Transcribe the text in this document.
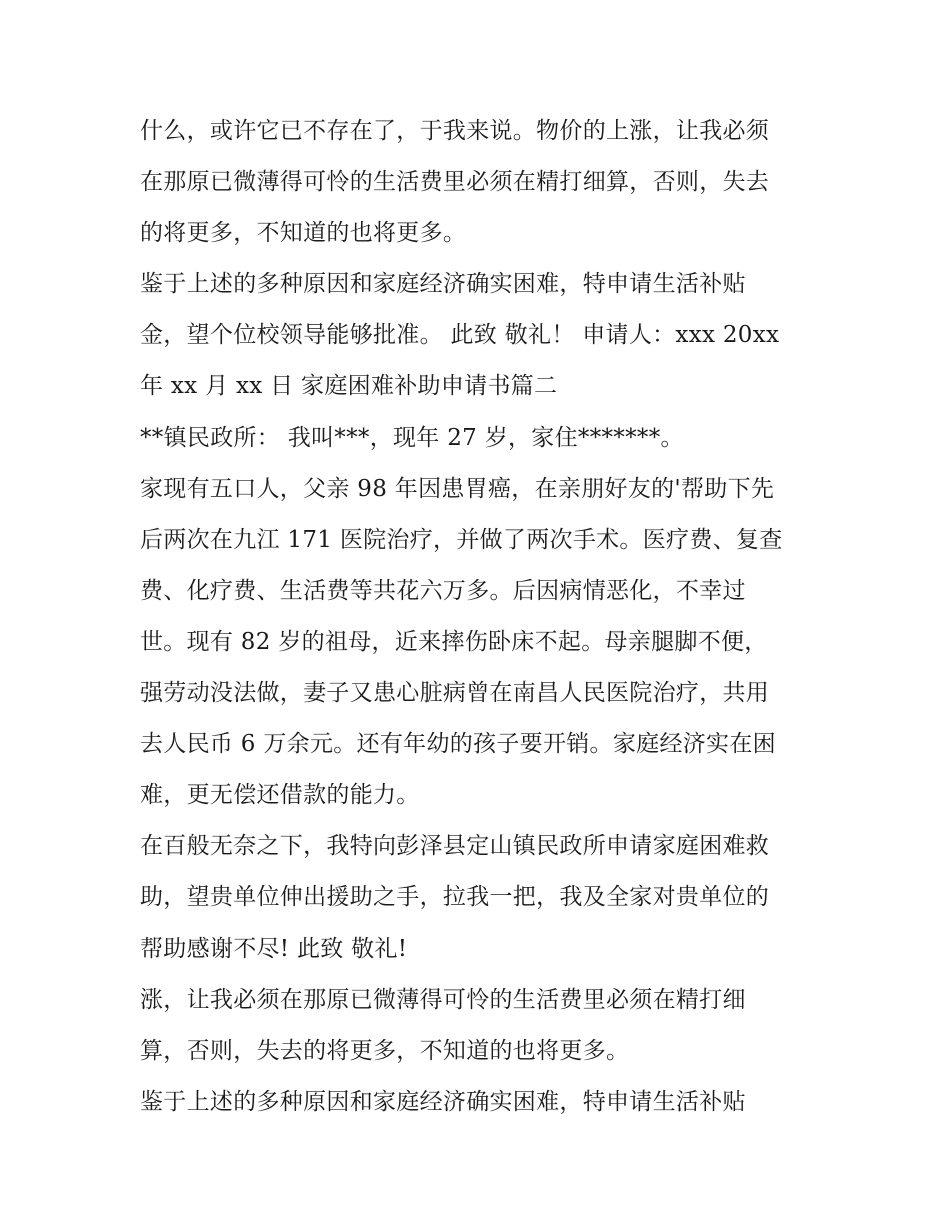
什么，或许它已不存在了，于我来说。物价的上涨，让我必须
在那原已微薄得可怜的生活费里必须在精打细算，否则，失去
的将更多，不知道的也将更多。
鉴于上述的多种原因和家庭经济确实困难，特申请生活补贴
金，望个位校领导能够批准。 此致 敬礼！ 申请人：xxx 20xx
年 xx 月 xx 日 家庭困难补助申请书篇二
**镇民政所： 我叫***，现年 27 岁，家住*******。
家现有五口人，父亲 98 年因患胃癌，在亲朋好友的'帮助下先
后两次在九江 171 医院治疗，并做了两次手术。医疗费、复查
费、化疗费、生活费等共花六万多。后因病情恶化，不幸过
世。现有 82 岁的祖母，近来摔伤卧床不起。母亲腿脚不便，
强劳动没法做，妻子又患心脏病曾在南昌人民医院治疗，共用
去人民币 6 万余元。还有年幼的孩子要开销。家庭经济实在困
难，更无偿还借款的能力。
在百般无奈之下，我特向彭泽县定山镇民政所申请家庭困难救
助，望贵单位伸出援助之手，拉我一把，我及全家对贵单位的
帮助感谢不尽! 此致 敬礼!
涨，让我必须在那原已微薄得可怜的生活费里必须在精打细
算，否则，失去的将更多，不知道的也将更多。
鉴于上述的多种原因和家庭经济确实困难，特申请生活补贴
